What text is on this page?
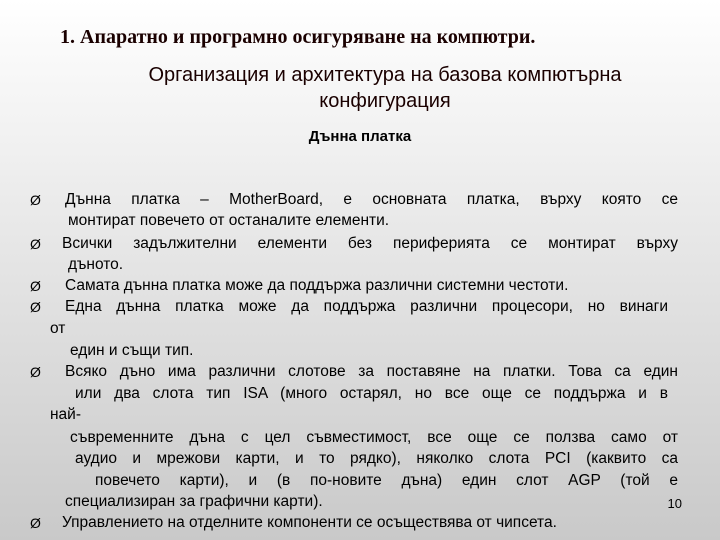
1. Апаратно и програмно осигуряване на компютри.
Организация и архитектура на базова компютърна
конфигурация
Дънна платка
Ø
Ø
Ø
Ø
Ø
Ø
Дънна платка – MotherBoard, е основната платка, върху която се
монтират повечето от останалите елементи.
Всички задължителни елементи без периферията се монтират върху
дъното.
Самата дънна платка може да поддържа различни системни честоти.
Една дънна платка може да поддържа различни процесори, но винаги
от
един и същи тип.
Всяко дъно има различни слотове за поставяне на платки. Това са един
или два слота тип ISA (много остарял, но все още се поддържа и в
най-
съвременните дъна с цел съвместимост, все още се ползва само от
аудио и мрежови карти, и то рядко), няколко слота PCI (каквито са
повечето карти), и (в по-новите дъна) един слот AGP (той е
специализиран за графични карти).
Управлението на отделните компоненти се осъществява от чипсета.
10
